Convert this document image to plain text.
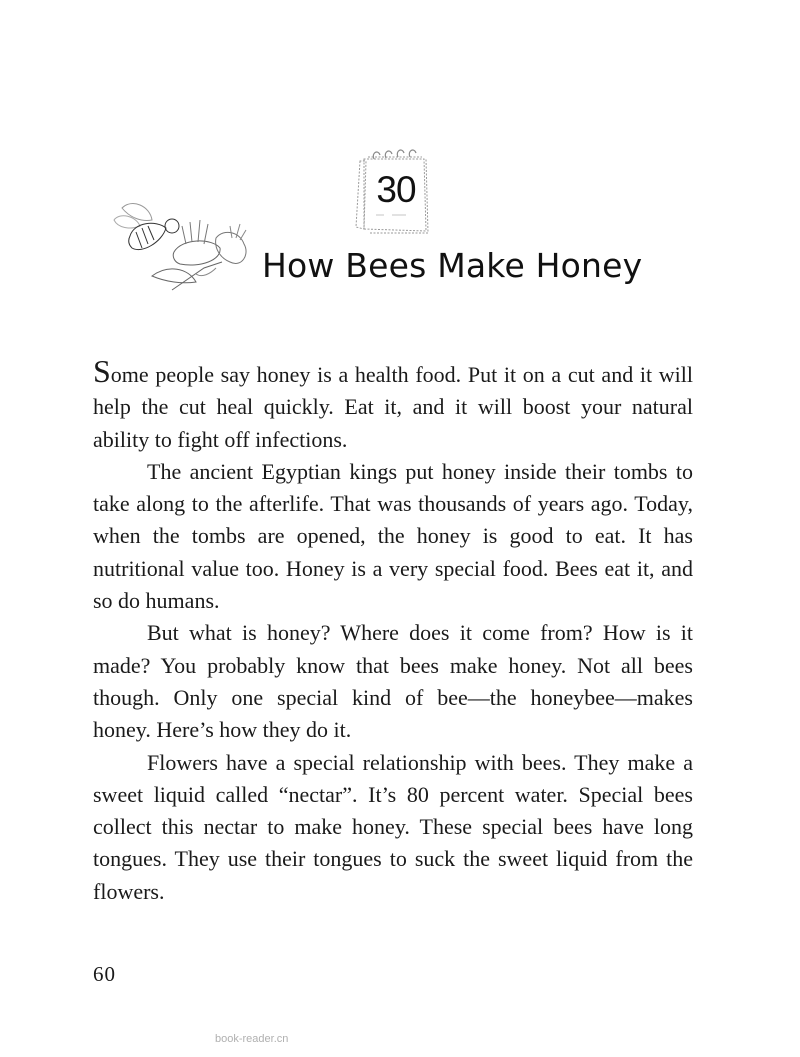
30
How Bees Make Honey

Some people say honey is a health food. Put it on a cut and it will help the cut heal quickly. Eat it, and it will boost your natural ability to fight off infections.

The ancient Egyptian kings put honey inside their tombs to take along to the afterlife. That was thousands of years ago. Today, when the tombs are opened, the honey is good to eat. It has nutritional value too. Honey is a very special food. Bees eat it, and so do humans.

But what is honey? Where does it come from? How is it made? You probably know that bees make honey. Not all bees though. Only one special kind of bee—the honeybee—makes honey. Here’s how they do it.

Flowers have a special relationship with bees. They make a sweet liquid called “nectar”. It’s 80 percent water. Special bees collect this nectar to make honey. These special bees have long tongues. They use their tongues to suck the sweet liquid from the flowers.

60
book-reader.cn
